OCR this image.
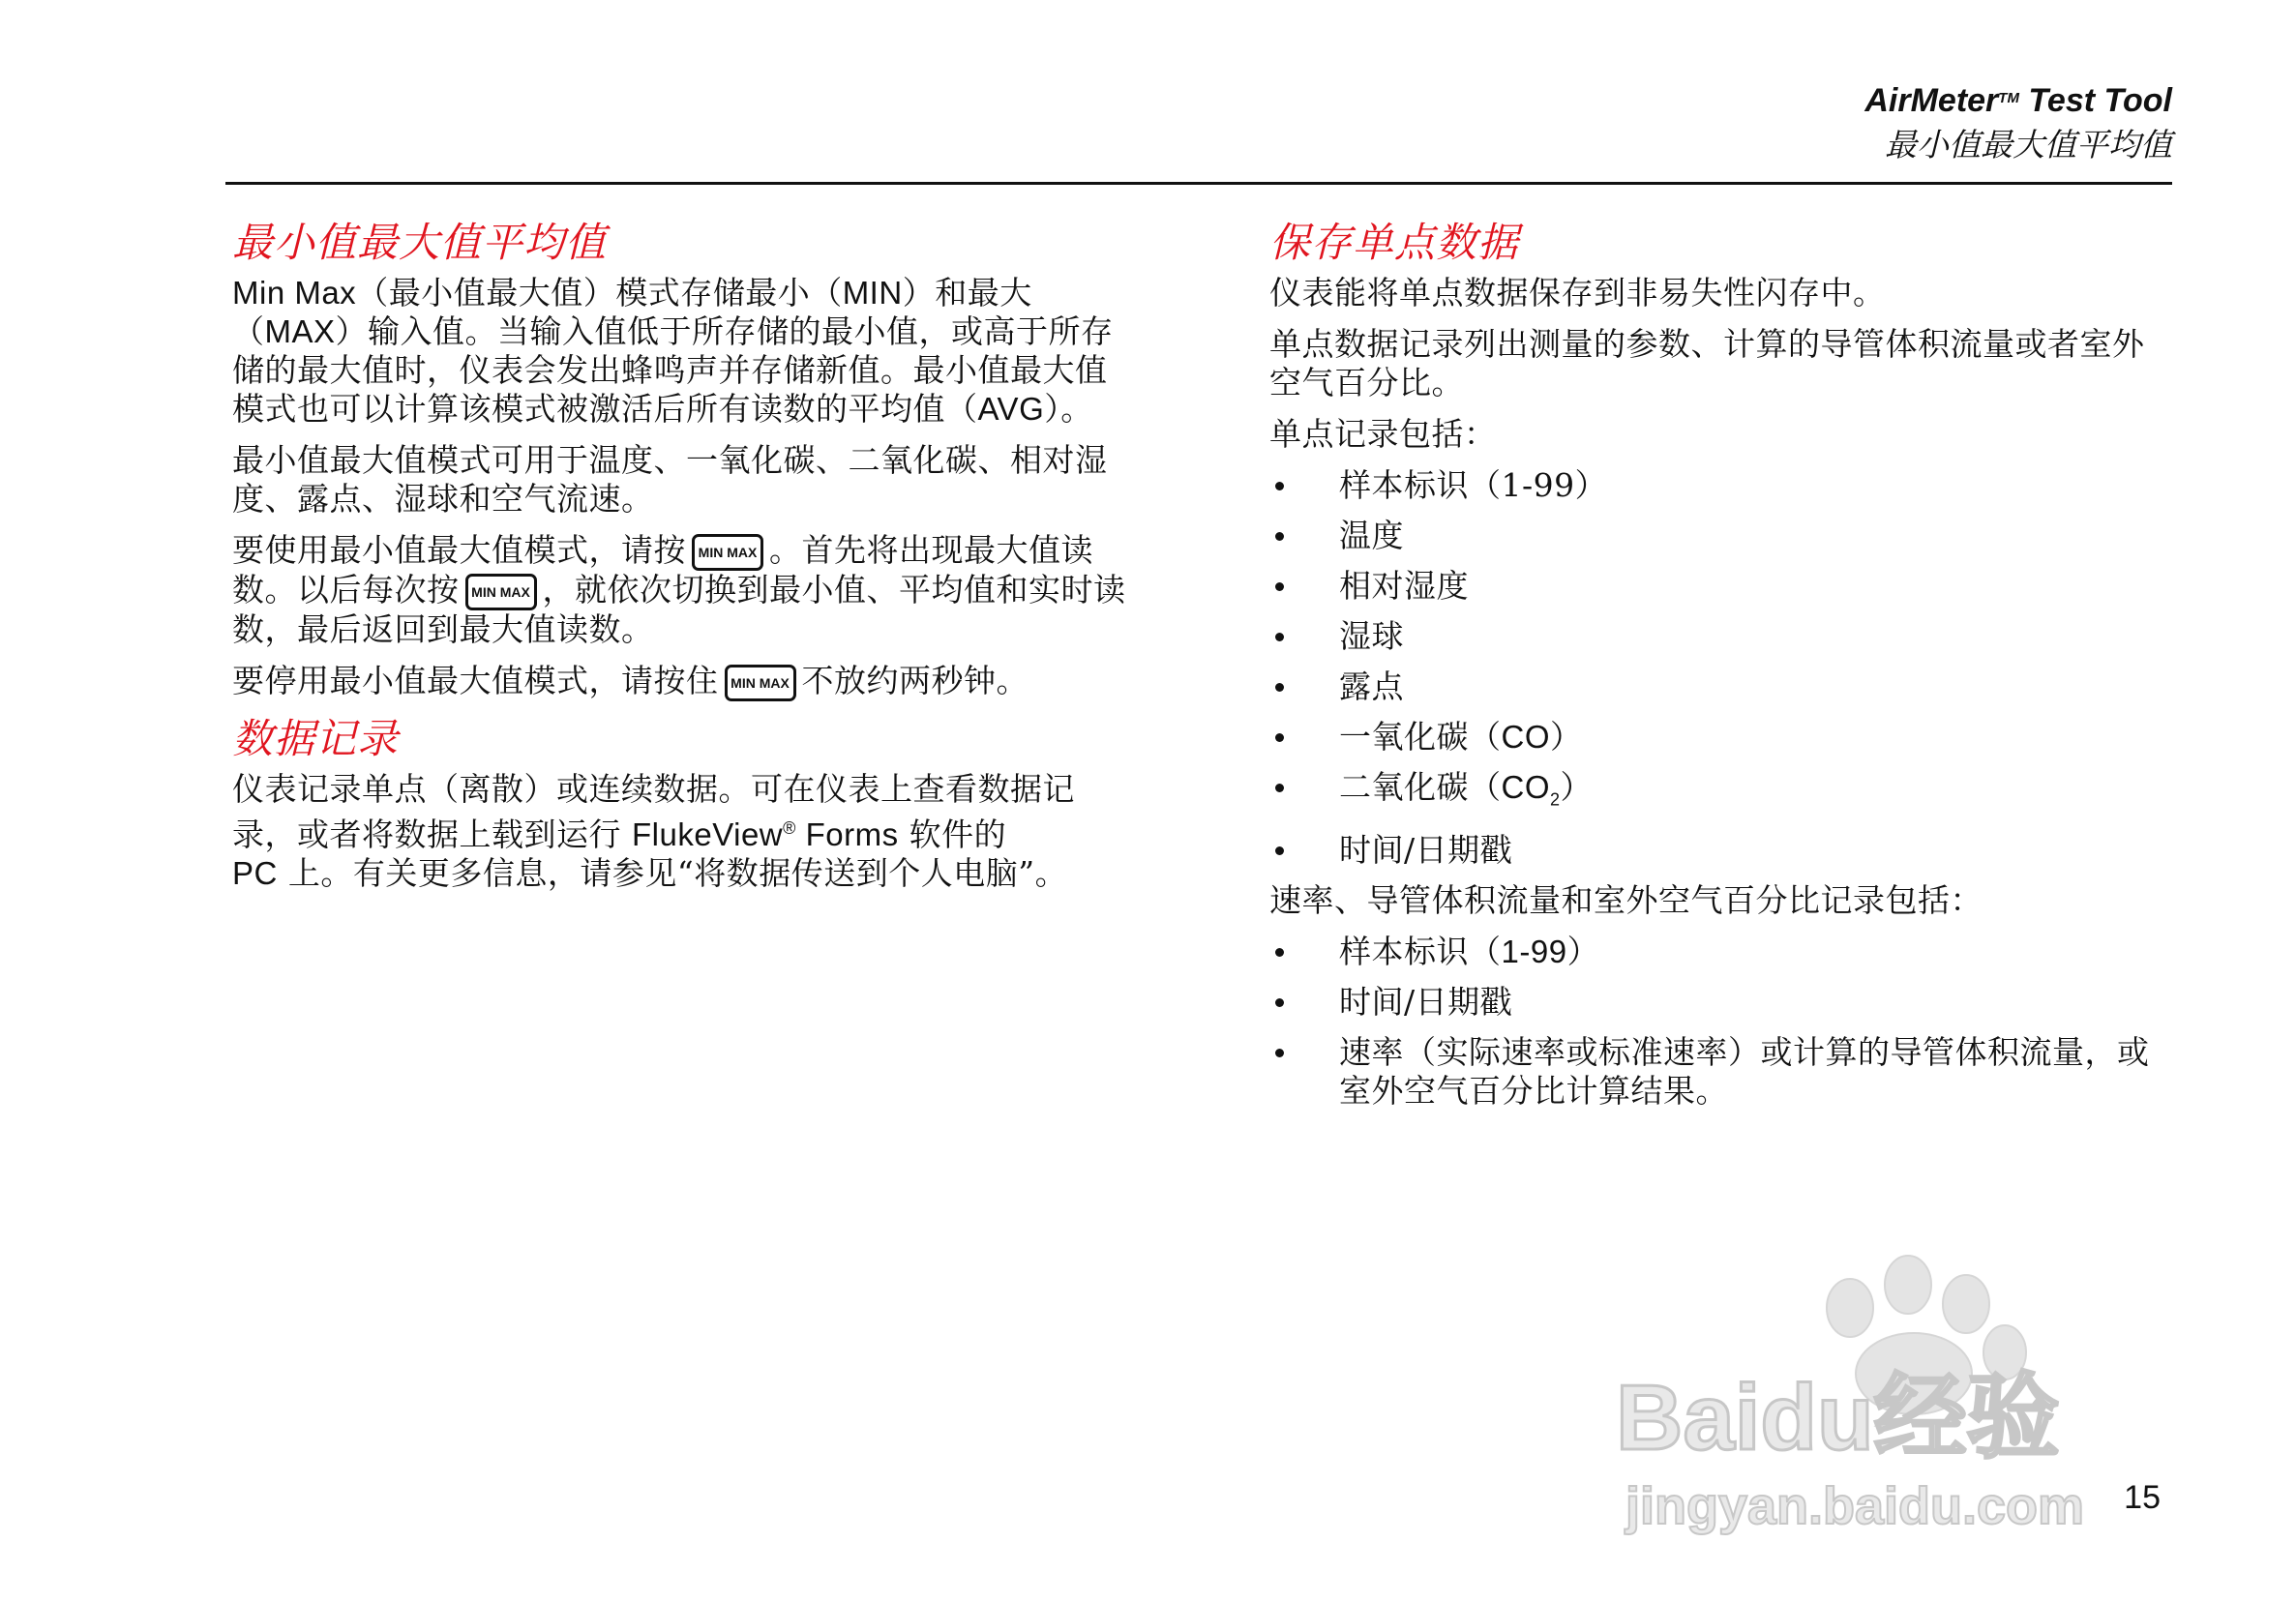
AirMeter™ Test Tool
最小值最大值平均值
最小值最大值平均值

Min Max（最小值最大值）模式存储最小（MIN）和最大（MAX）输入值。当输入值低于所存储的最小值，或高于所存储的最大值时，仪表会发出蜂鸣声并存储新值。最小值最大值模式也可以计算该模式被激活后所有读数的平均值（AVG）。

最小值最大值模式可用于温度、一氧化碳、二氧化碳、相对湿度、露点、湿球和空气流速。

要使用最小值最大值模式，请按 MIN MAX 。首先将出现最大值读数。以后每次按 MIN MAX ，就依次切换到最小值、平均值和实时读数，最后返回到最大值读数。

要停用最小值最大值模式，请按住 MIN MAX 不放约两秒钟。

数据记录

仪表记录单点（离散）或连续数据。可在仪表上查看数据记录，或者将数据上载到运行 FlukeView® Forms 软件的
PC 上。有关更多信息，请参见“将数据传送到个人电脑”。

保存单点数据

仪表能将单点数据保存到非易失性闪存中。

单点数据记录列出测量的参数、计算的导管体积流量或者室外空气百分比。

单点记录包括：

样本标识（1-99）
温度
相对湿度
湿球
露点
一氧化碳（CO）
二氧化碳$(CO_2)$
时间/日期戳

速率、导管体积流量和室外空气百分比记录包括：

样本标识（1-99）
时间/日期戳
速率（实际速率或标准速率）或计算的导管体积流量，或室外空气百分比计算结果。
Baidu经验
jingyan.baidu.com 15
